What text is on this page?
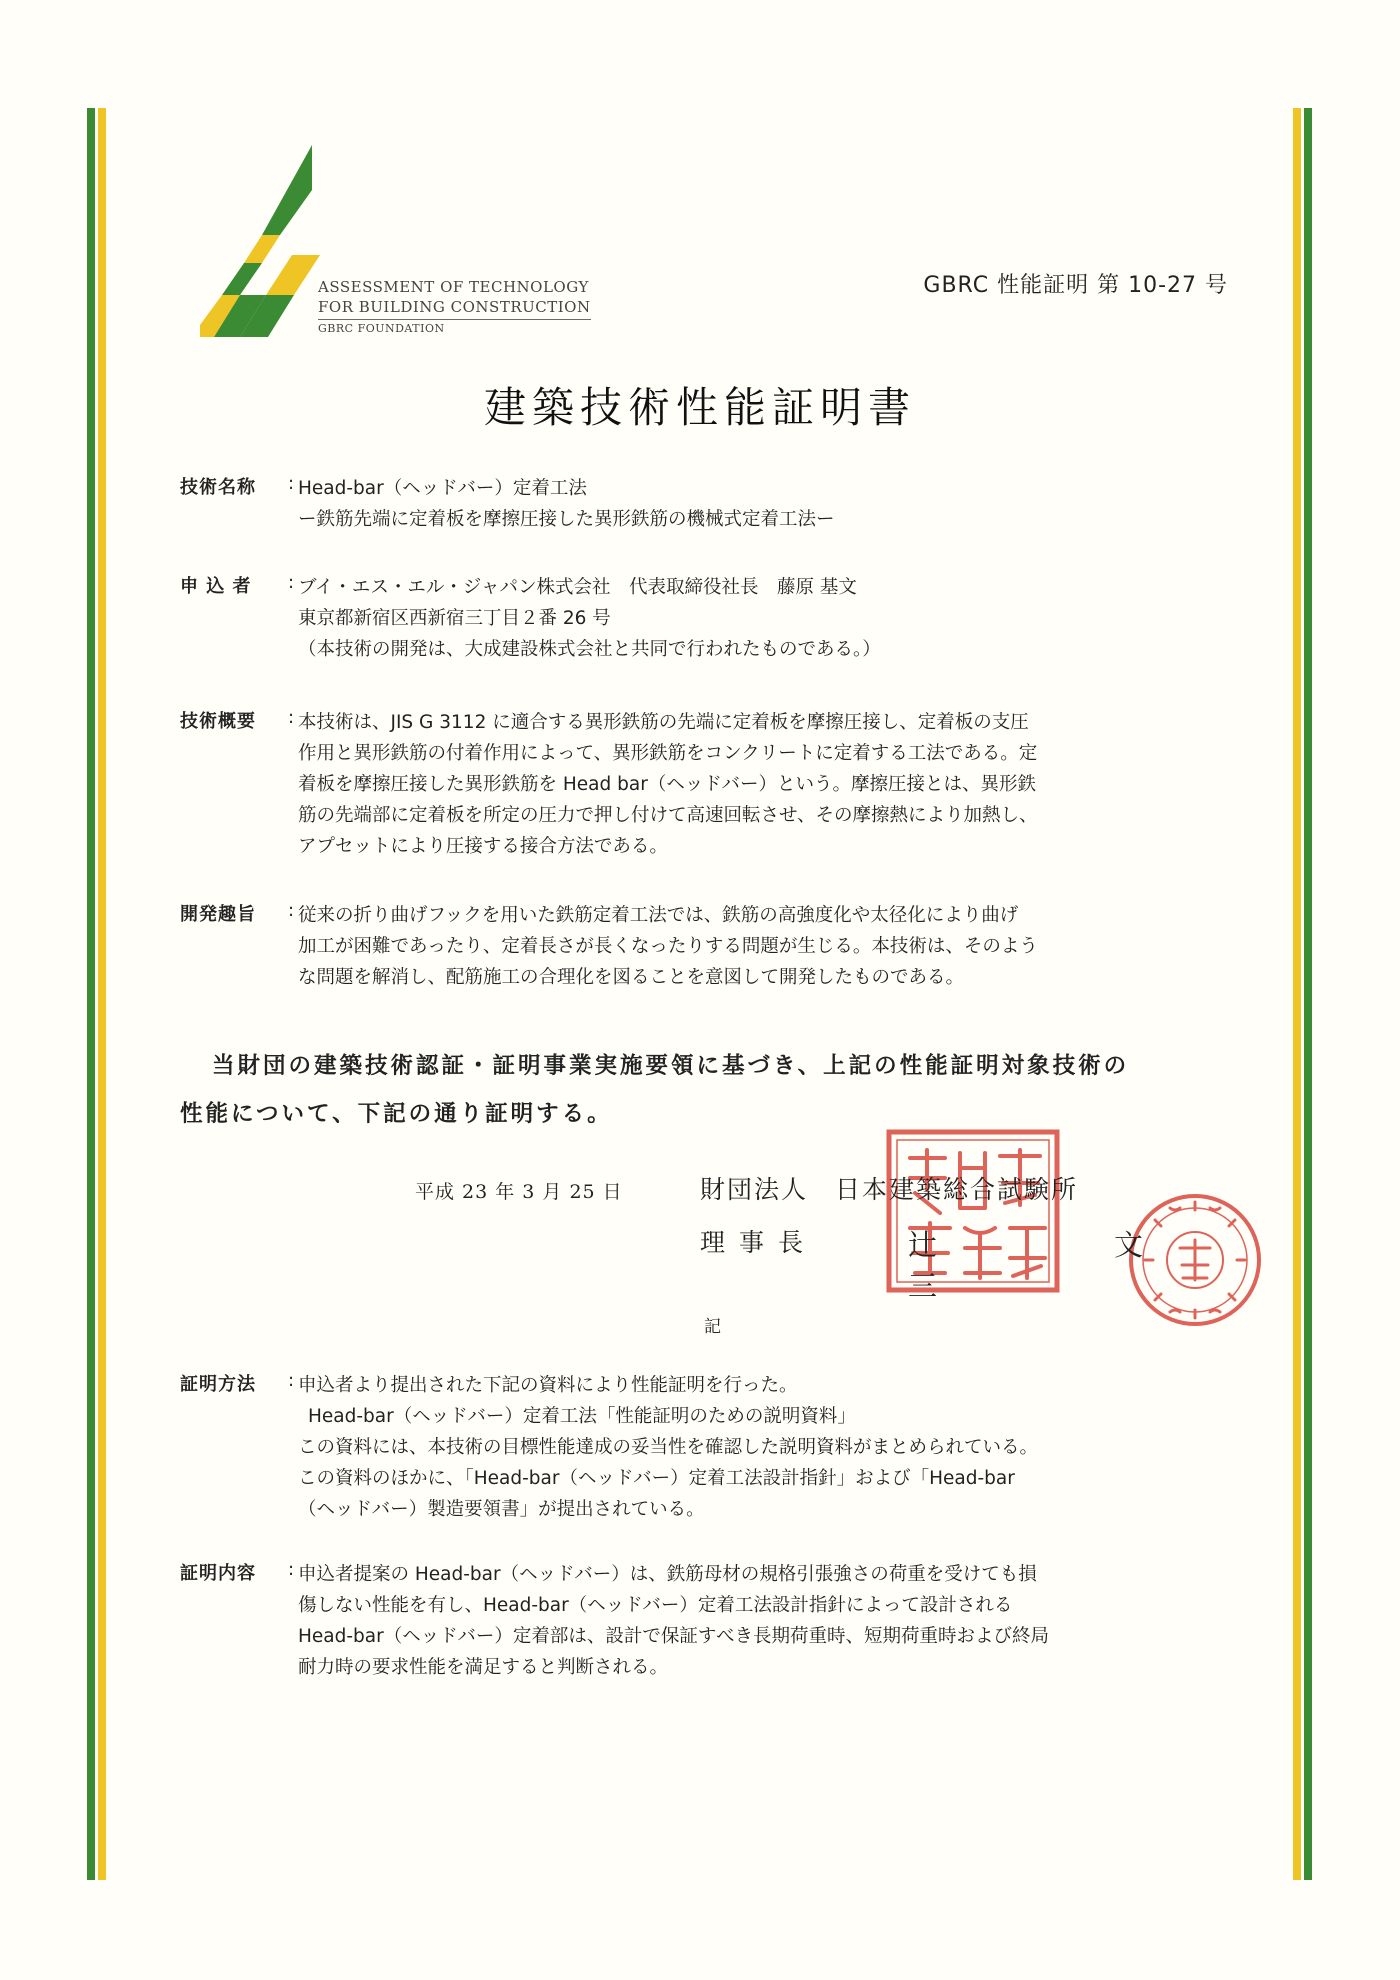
ASSESSMENT OF TECHNOLOGY
FOR BUILDING CONSTRUCTION
GBRC FOUNDATION
GBRC 性能証明 第 10-27 号
建築技術性能証明書
技術名称	: Head-bar（ヘッドバー）定着工法
ー鉄筋先端に定着板を摩擦圧接した異形鉄筋の機械式定着工法ー
申 込 者	: ブイ・エス・エル・ジャパン株式会社　代表取締役社長　藤原 基文
東京都新宿区西新宿三丁目２番 26 号
（本技術の開発は、大成建設株式会社と共同で行われたものである。）
技術概要	: 本技術は、JIS G 3112 に適合する異形鉄筋の先端に定着板を摩擦圧接し、定着板の支圧
作用と異形鉄筋の付着作用によって、異形鉄筋をコンクリートに定着する工法である。定
着板を摩擦圧接した異形鉄筋を Head bar（ヘッドバー）という。摩擦圧接とは、異形鉄
筋の先端部に定着板を所定の圧力で押し付けて高速回転させ、その摩擦熱により加熱し、
アプセットにより圧接する接合方法である。
開発趣旨	: 従来の折り曲げフックを用いた鉄筋定着工法では、鉄筋の高強度化や太径化により曲げ
加工が困難であったり、定着長さが長くなったりする問題が生じる。本技術は、そのよう
な問題を解消し、配筋施工の合理化を図ることを意図して開発したものである。
当財団の建築技術認証・証明事業実施要領に基づき、上記の性能証明対象技術の
性能について、下記の通り証明する。
平成 23 年 3 月 25 日	財団法人　日本建築総合試験所
理事長	辻　文　三
記
証明方法	: 申込者より提出された下記の資料により性能証明を行った。
Head-bar（ヘッドバー）定着工法「性能証明のための説明資料」
この資料には、本技術の目標性能達成の妥当性を確認した説明資料がまとめられている。
この資料のほかに、「Head-bar（ヘッドバー）定着工法設計指針」および「Head-bar
（ヘッドバー）製造要領書」が提出されている。
証明内容	: 申込者提案の Head-bar（ヘッドバー）は、鉄筋母材の規格引張強さの荷重を受けても損
傷しない性能を有し、Head-bar（ヘッドバー）定着工法設計指針によって設計される
Head-bar（ヘッドバー）定着部は、設計で保証すべき長期荷重時、短期荷重時および終局
耐力時の要求性能を満足すると判断される。
